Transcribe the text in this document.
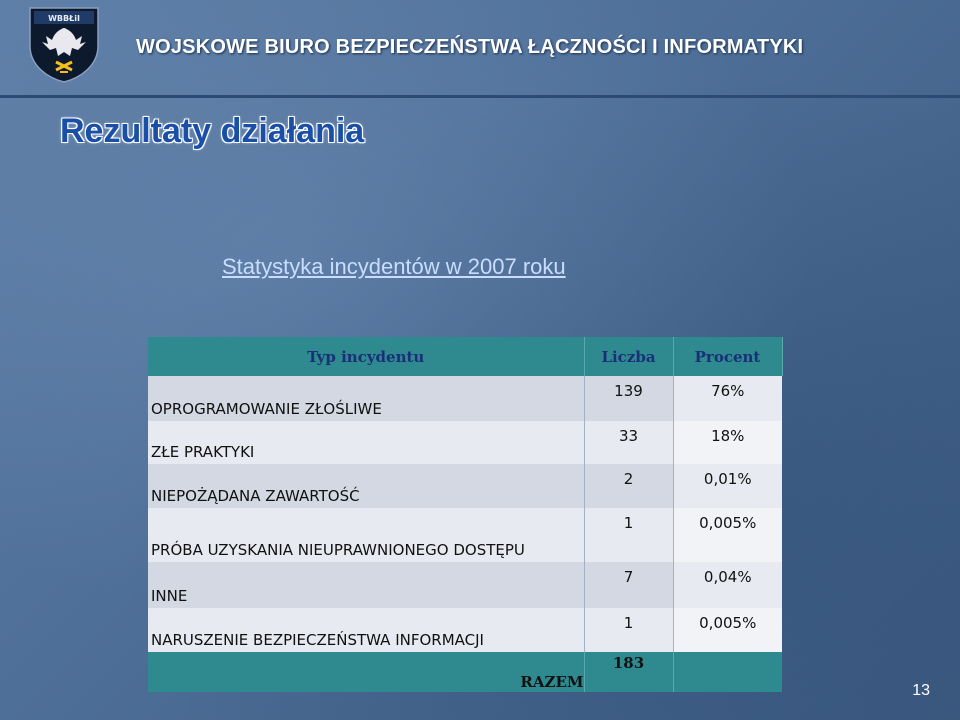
WBBŁiI
WOJSKOWE BIURO BEZPIECZEŃSTWA ŁĄCZNOŚCI I INFORMATYKI
Rezultaty działania
Statystyka incydentów w 2007 roku
Typ incydentu	Liczba	Procent
OPROGRAMOWANIE ZŁOŚLIWE	139	76%
ZŁE PRAKTYKI	33	18%
NIEPOŻĄDANA ZAWARTOŚĆ	2	0,01%
PRÓBA UZYSKANIA NIEUPRAWNIONEGO DOSTĘPU	1	0,005%
INNE	7	0,04%
NARUSZENIE BEZPIECZEŃSTWA INFORMACJI	1	0,005%
RAZEM	183	
13
